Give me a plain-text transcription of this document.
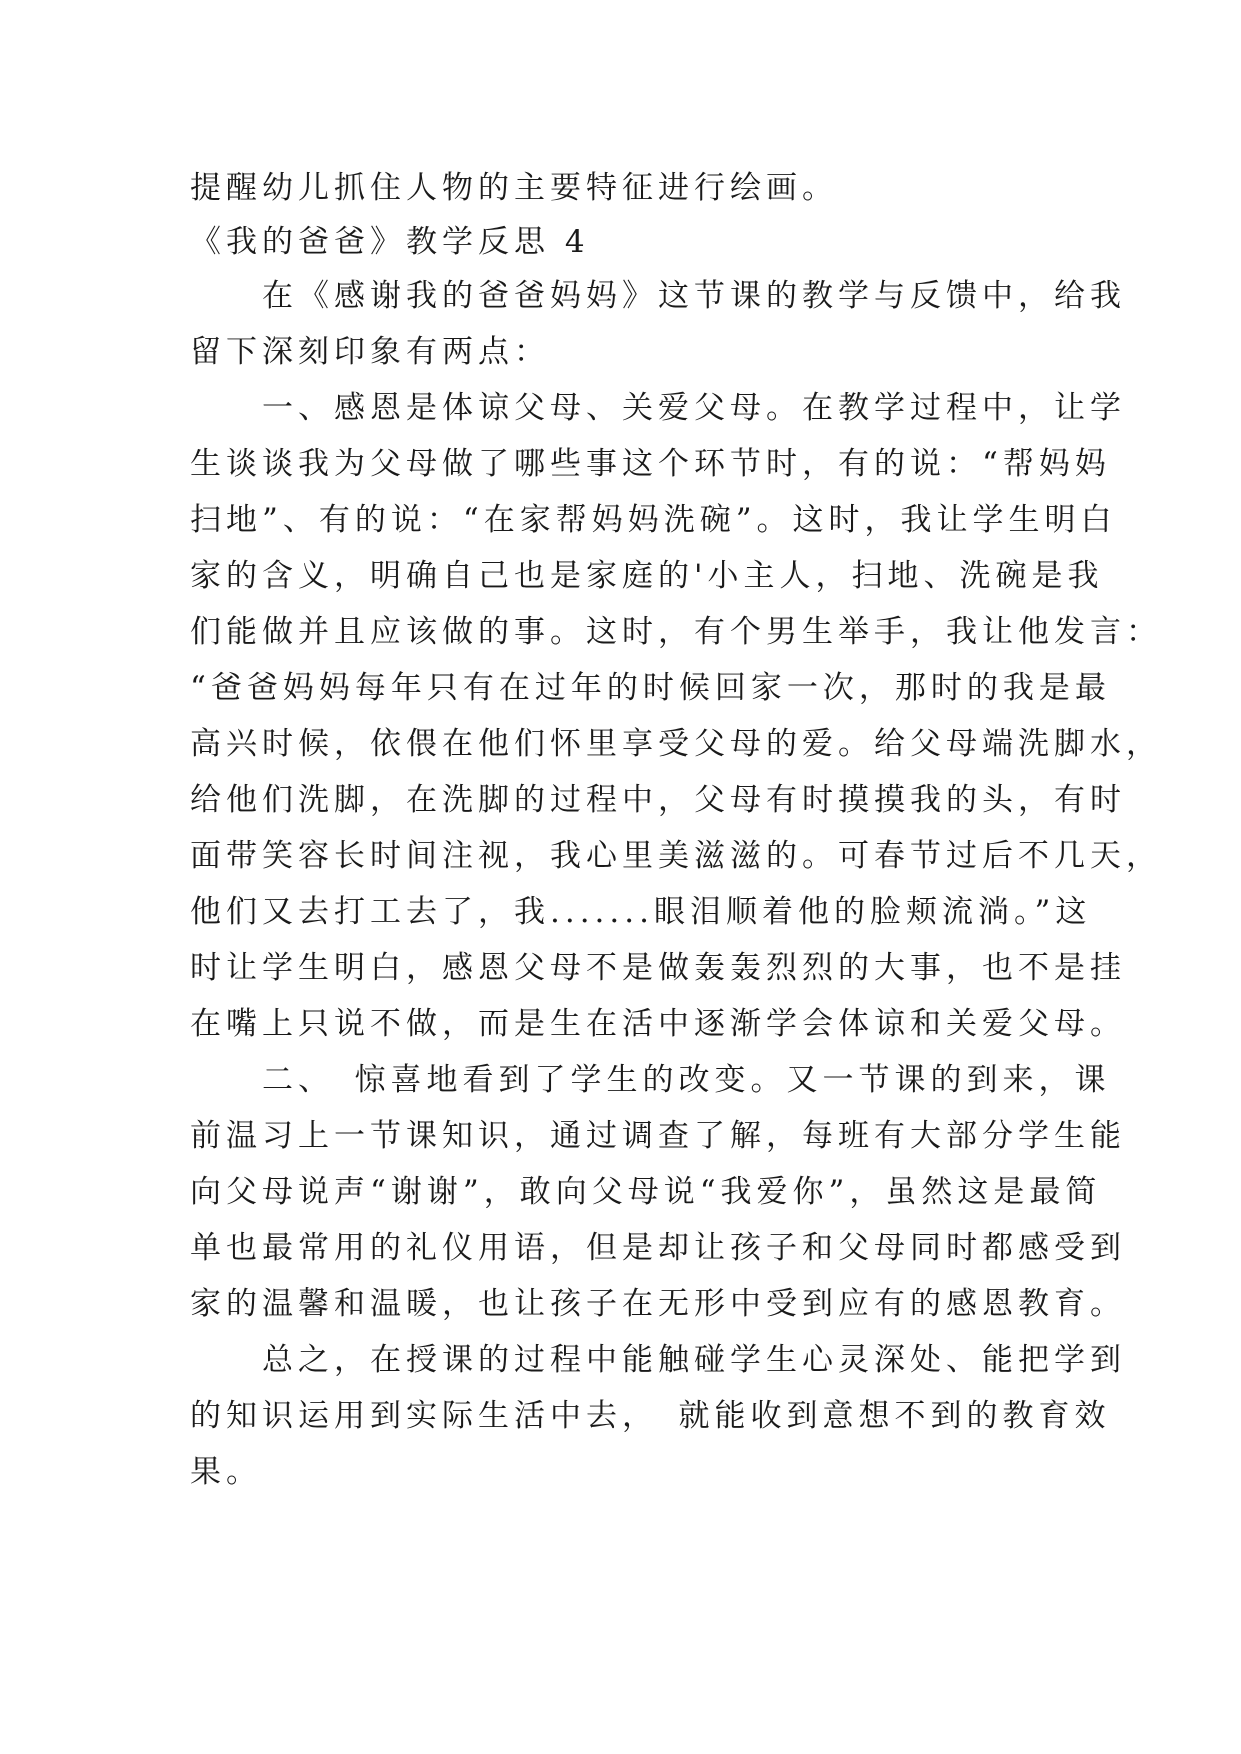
提醒幼儿抓住人物的主要特征进行绘画。
《我的爸爸》教学反思 4
　　在《感谢我的爸爸妈妈》这节课的教学与反馈中，给我
留下深刻印象有两点：
　　一、感恩是体谅父母、关爱父母。在教学过程中，让学
生谈谈我为父母做了哪些事这个环节时，有的说：“帮妈妈
扫地”、有的说：“在家帮妈妈洗碗”。这时，我让学生明白
家的含义，明确自己也是家庭的'小主人，扫地、洗碗是我
们能做并且应该做的事。这时，有个男生举手，我让他发言：
“爸爸妈妈每年只有在过年的时候回家一次，那时的我是最
高兴时候，依偎在他们怀里享受父母的爱。给父母端洗脚水，
给他们洗脚，在洗脚的过程中，父母有时摸摸我的头，有时
面带笑容长时间注视，我心里美滋滋的。可春节过后不几天，
他们又去打工去了，我.......眼泪顺着他的脸颊流淌。”这
时让学生明白，感恩父母不是做轰轰烈烈的大事，也不是挂
在嘴上只说不做，而是生在活中逐渐学会体谅和关爱父母。
　　二、　惊喜地看到了学生的改变。又一节课的到来，课
前温习上一节课知识，通过调查了解，每班有大部分学生能
向父母说声“谢谢”，敢向父母说“我爱你”，虽然这是最简
单也最常用的礼仪用语，但是却让孩子和父母同时都感受到
家的温馨和温暖，也让孩子在无形中受到应有的感恩教育。
　　总之，在授课的过程中能触碰学生心灵深处、能把学到
的知识运用到实际生活中去，　就能收到意想不到的教育效
果。
